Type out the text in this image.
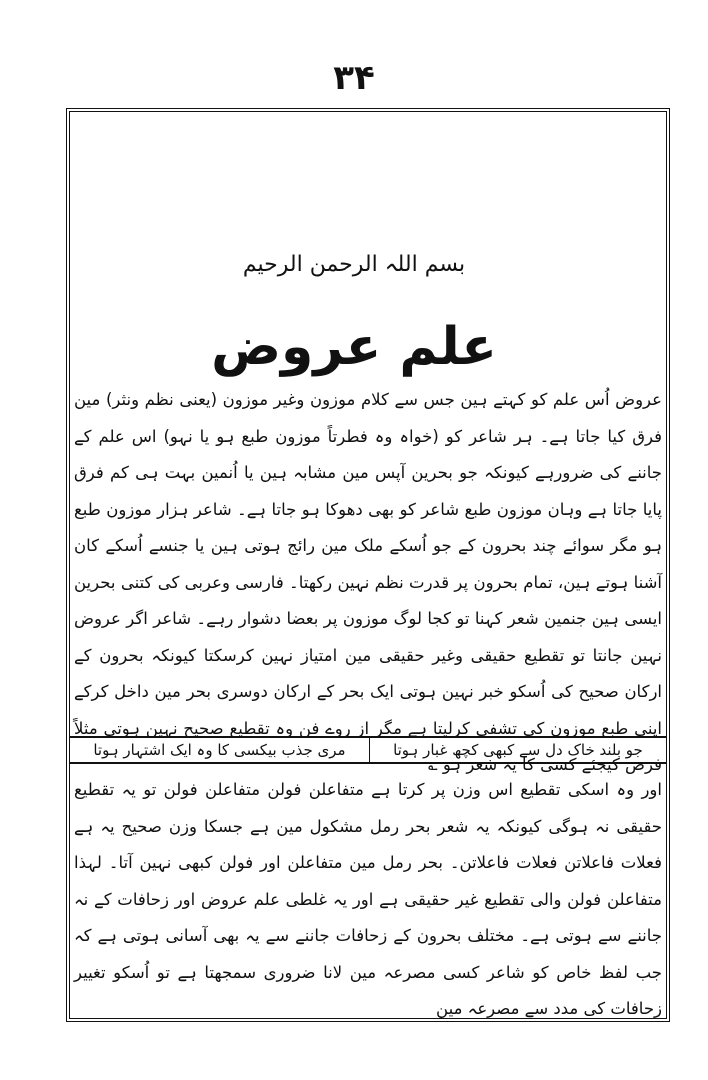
۳۴
بسم اللہ الرحمن الرحیم
علم عروض

عروض اُس علم کو کہتے ہین جس سے کلام موزون وغیر موزون (یعنی نظم ونثر) مین فرق کیا جاتا ہے۔ ہر شاعر کو (خواہ وہ فطرتاً موزون طبع ہو یا نہو) اس علم کے جاننے کی ضرورہے کیونکہ جو بحرین آپس مین مشابہ ہین یا اُنمین بہت ہی کم فرق پایا جاتا ہے وہان موزون طبع شاعر کو بھی دھوکا ہو جاتا ہے۔ شاعر ہزار موزون طبع ہو مگر سوائے چند بحرون کے جو اُسکے ملک مین رائج ہوتی ہین یا جنسے اُسکے کان آشنا ہوتے ہین، تمام بحرون پر قدرت نظم نہین رکھتا۔ فارسی وعربی کی کتنی بحرین ایسی ہین جنمین شعر کہنا تو کجا لوگ موزون پر بعضا دشوار رہے۔ شاعر اگر عروض نہین جانتا تو تقطیع حقیقی وغیر حقیقی مین امتیاز نہین کرسکتا کیونکہ بحرون کے ارکان صحیح کی اُسکو خبر نہین ہوتی ایک بحر کے ارکان دوسری بحر مین داخل کرکے اپنی طبع موزون کی تشفی کرلیتا ہے مگر از روے فن وہ تقطیع صحیح نہین ہوتی مثلاً فرض کیجئے کسی کا یہ شعر ہو ؎

جو بلند خاک دل سے کبھی کچھ غبار ہوتا	مری جذب بیکسی کا وہ ایک اشتہار ہوتا

اور وہ اسکی تقطیع اس وزن پر کرتا ہے متفاعلن فولن متفاعلن فولن تو یہ تقطیع حقیقی نہ ہوگی کیونکہ یہ شعر بحر رمل مشکول مین ہے جسکا وزن صحیح یہ ہے فعلات فاعلاتن فعلات فاعلاتن۔ بحر رمل مین متفاعلن اور فولن کبھی نہین آتا۔ لہذا متفاعلن فولن والی تقطیع غیر حقیقی ہے اور یہ غلطی علم عروض اور زحافات کے نہ جاننے سے ہوتی ہے۔ مختلف بحرون کے زحافات جاننے سے یہ بھی آسانی ہوتی ہے کہ جب لفظ خاص کو شاعر کسی مصرعہ مین لانا ضروری سمجھتا ہے تو اُسکو تغییر زحافات کی مدد سے مصرعہ مین
